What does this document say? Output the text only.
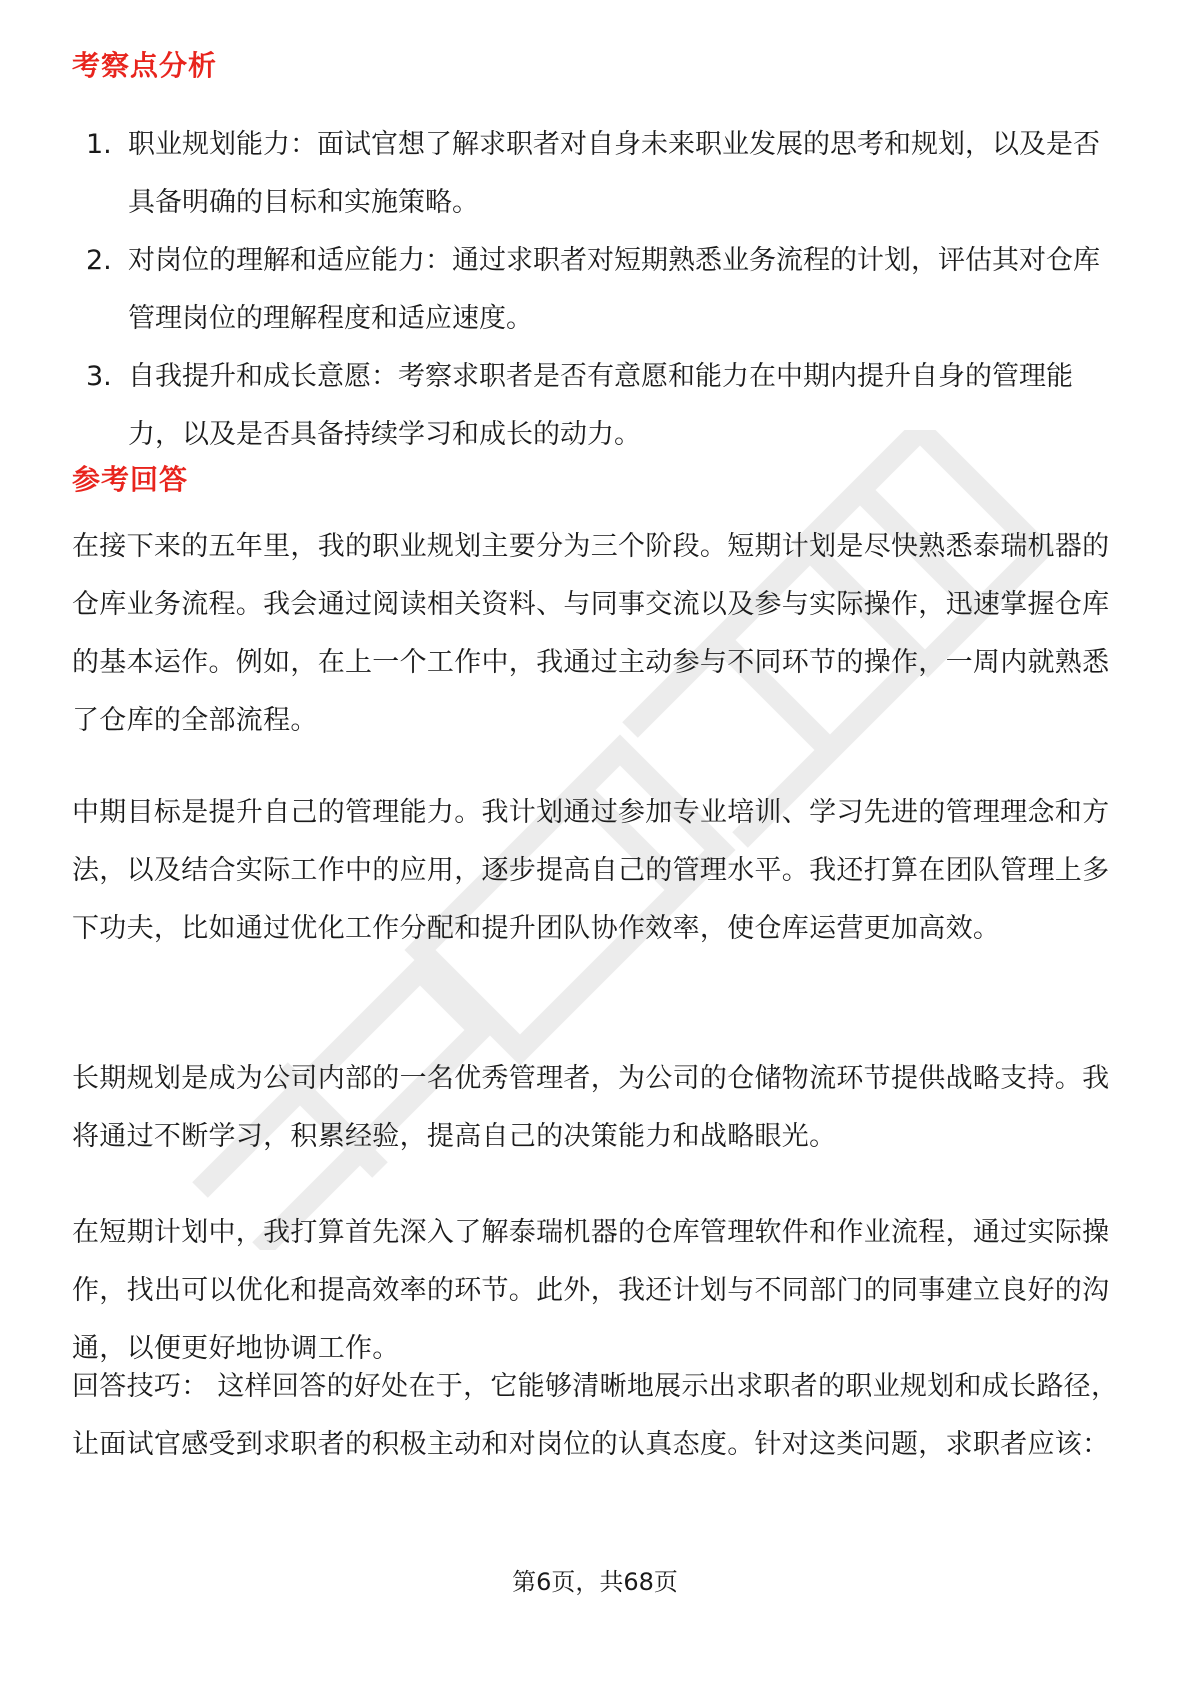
考察点分析
1. 职业规划能力：面试官想了解求职者对自身未来职业发展的思考和规划，以及是否具备明确的目标和实施策略。
2. 对岗位的理解和适应能力：通过求职者对短期熟悉业务流程的计划，评估其对仓库管理岗位的理解程度和适应速度。
3. 自我提升和成长意愿：考察求职者是否有意愿和能力在中期内提升自身的管理能力，以及是否具备持续学习和成长的动力。
参考回答

在接下来的五年里，我的职业规划主要分为三个阶段。短期计划是尽快熟悉泰瑞机器的仓库业务流程。我会通过阅读相关资料、与同事交流以及参与实际操作，迅速掌握仓库的基本运作。例如，在上一个工作中，我通过主动参与不同环节的操作，一周内就熟悉了仓库的全部流程。

中期目标是提升自己的管理能力。我计划通过参加专业培训、学习先进的管理理念和方法，以及结合实际工作中的应用，逐步提高自己的管理水平。我还打算在团队管理上多下功夫，比如通过优化工作分配和提升团队协作效率，使仓库运营更加高效。

长期规划是成为公司内部的一名优秀管理者，为公司的仓储物流环节提供战略支持。我将通过不断学习，积累经验，提高自己的决策能力和战略眼光。

在短期计划中，我打算首先深入了解泰瑞机器的仓库管理软件和作业流程，通过实际操作，找出可以优化和提高效率的环节。此外，我还计划与不同部门的同事建立良好的沟通，以便更好地协调工作。

回答技巧： 这样回答的好处在于，它能够清晰地展示出求职者的职业规划和成长路径，让面试官感受到求职者的积极主动和对岗位的认真态度。针对这类问题，求职者应该：

第6页，共68页
